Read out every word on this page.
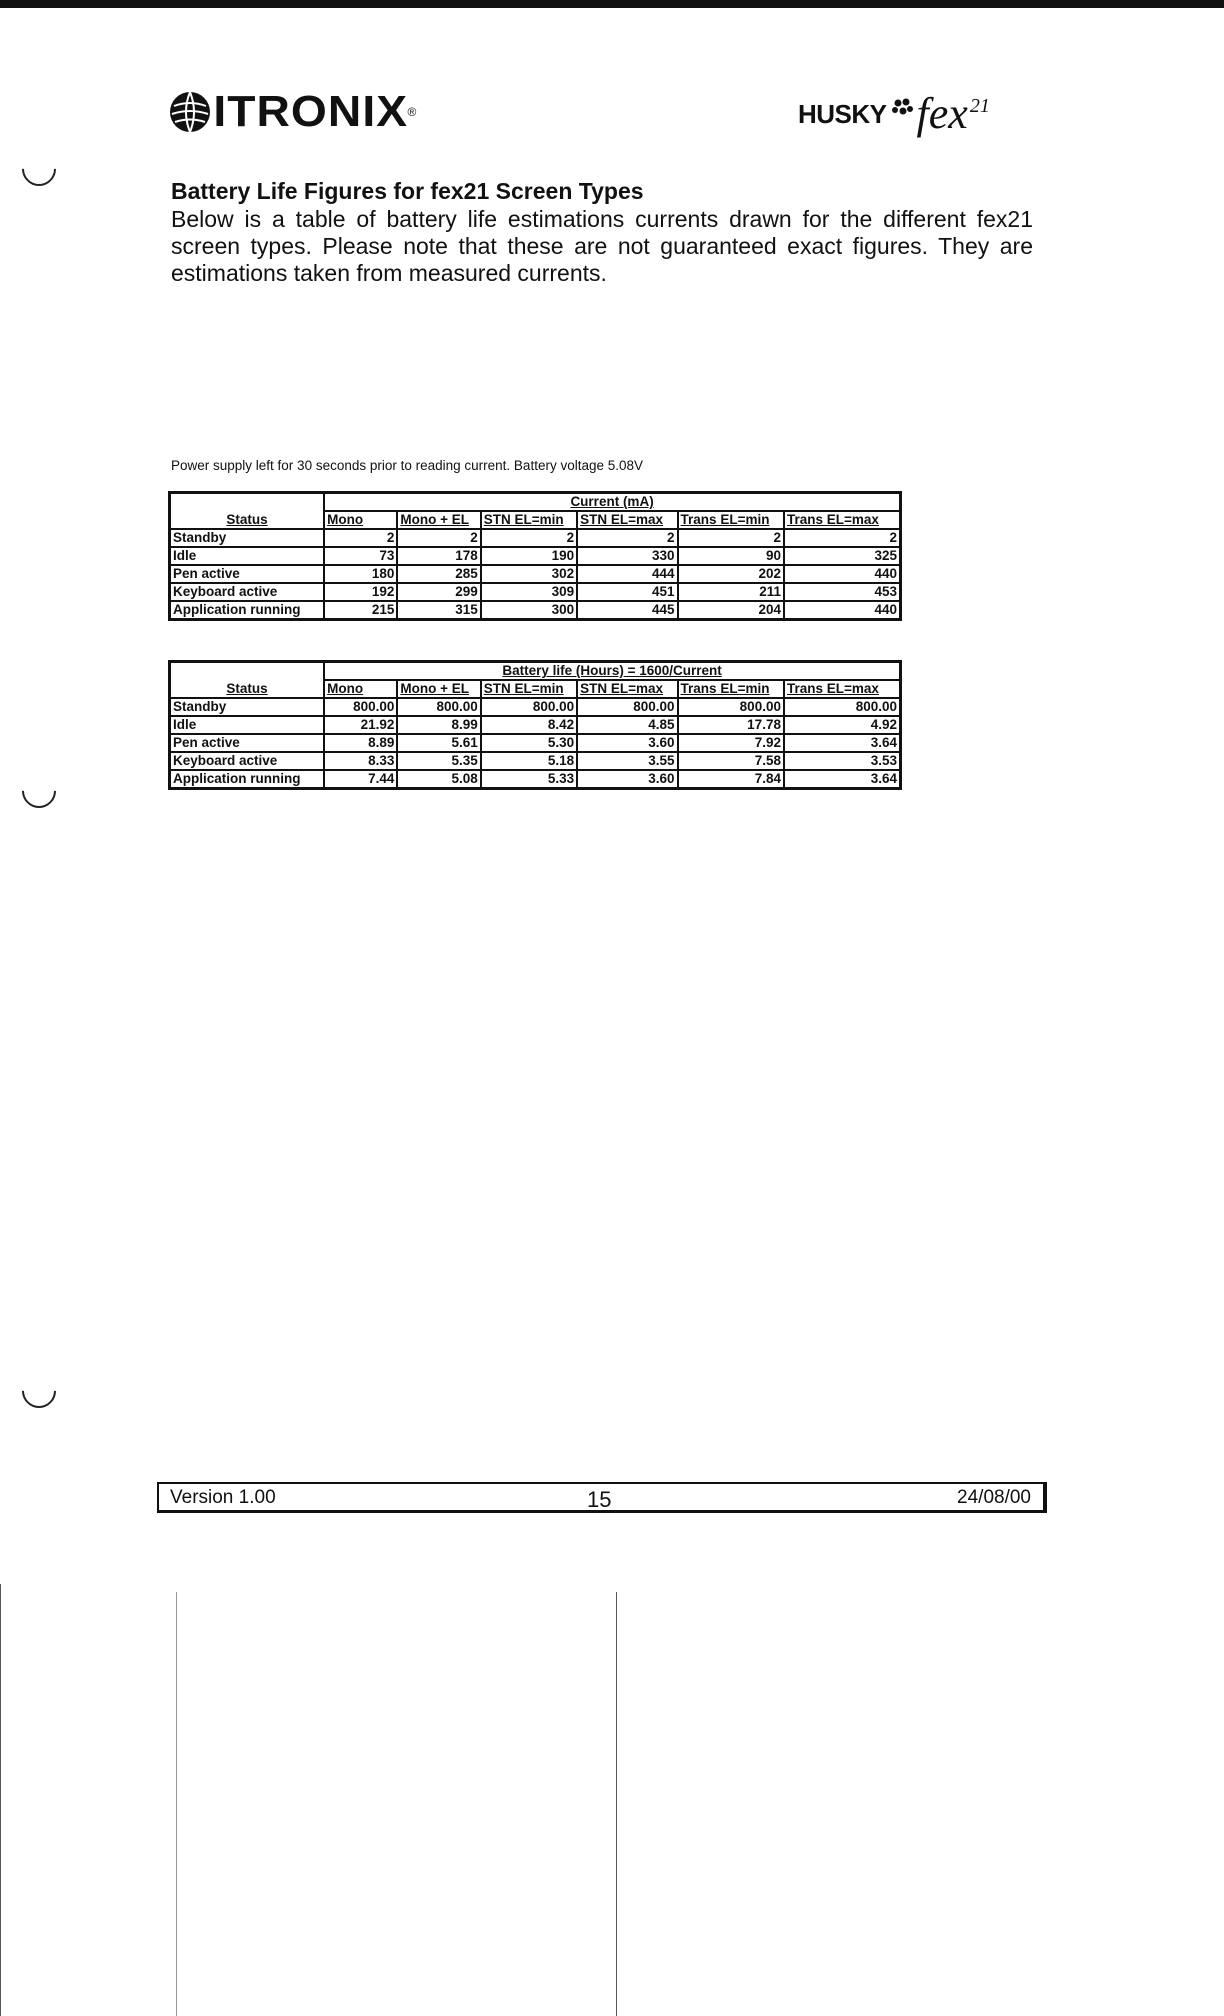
ITRONIX ®	HUSKY fex 21
Battery Life Figures for fex21 Screen Types
Below is a table of battery life estimations currents drawn for the different fex21 screen types. Please note that these are not guaranteed exact figures. They are estimations taken from measured currents.
Power supply left for 30 seconds prior to reading current. Battery voltage 5.08V
Status	Current (mA)					
	Mono	Mono + EL	STN EL=min	STN EL=max	Trans EL=min	Trans EL=max
Standby	2	2	2	2	2	2
Idle	73	178	190	330	90	325
Pen active	180	285	302	444	202	440
Keyboard active	192	299	309	451	211	453
Application running	215	315	300	445	204	440
Status	Battery life (Hours) = 1600/Current					
	Mono	Mono + EL	STN EL=min	STN EL=max	Trans EL=min	Trans EL=max
Standby	800.00	800.00	800.00	800.00	800.00	800.00
Idle	21.92	8.99	8.42	4.85	17.78	4.92
Pen active	8.89	5.61	5.30	3.60	7.92	3.64
Keyboard active	8.33	5.35	5.18	3.55	7.58	3.53
Application running	7.44	5.08	5.33	3.60	7.84	3.64
Version 1.00	15	24/08/00
